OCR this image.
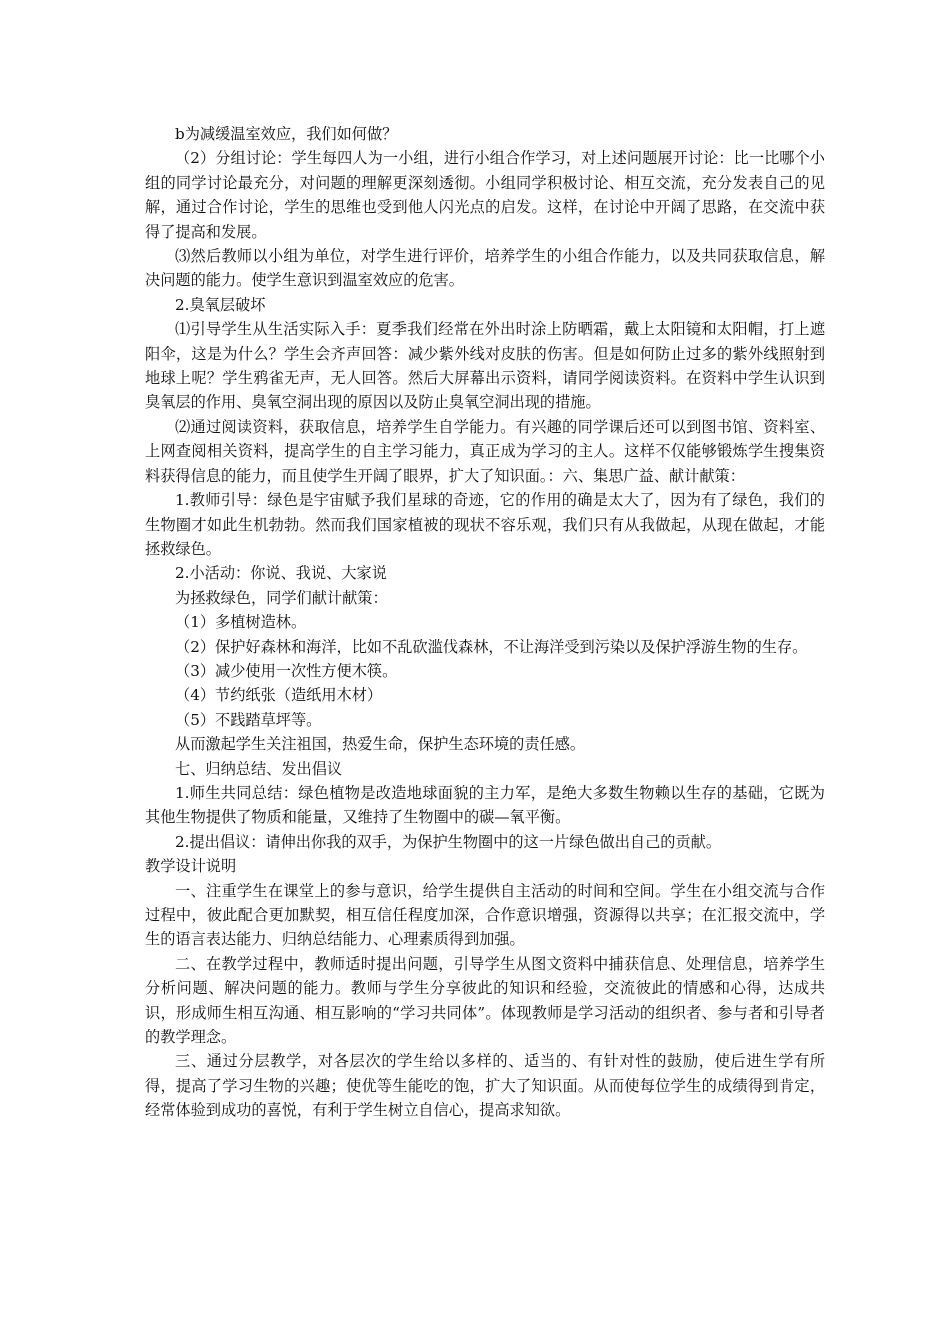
b为减缓温室效应，我们如何做？

（2）分组讨论：学生每四人为一小组，进行小组合作学习，对上述问题展开讨论：比一比哪个小组的同学讨论最充分，对问题的理解更深刻透彻。小组同学积极讨论、相互交流，充分发表自己的见解，通过合作讨论，学生的思维也受到他人闪光点的启发。这样，在讨论中开阔了思路，在交流中获得了提高和发展。

⑶然后教师以小组为单位，对学生进行评价，培养学生的小组合作能力，以及共同获取信息，解决问题的能力。使学生意识到温室效应的危害。

2.臭氧层破坏

⑴引导学生从生活实际入手：夏季我们经常在外出时涂上防晒霜，戴上太阳镜和太阳帽，打上遮阳伞，这是为什么？学生会齐声回答：减少紫外线对皮肤的伤害。但是如何防止过多的紫外线照射到地球上呢？学生鸦雀无声，无人回答。然后大屏幕出示资料，请同学阅读资料。在资料中学生认识到臭氧层的作用、臭氧空洞出现的原因以及防止臭氧空洞出现的措施。

⑵通过阅读资料，获取信息，培养学生自学能力。有兴趣的同学课后还可以到图书馆、资料室、上网查阅相关资料，提高学生的自主学习能力，真正成为学习的主人。这样不仅能够锻炼学生搜集资料获得信息的能力，而且使学生开阔了眼界，扩大了知识面。：六、集思广益、献计献策：

1.教师引导：绿色是宇宙赋予我们星球的奇迹，它的作用的确是太大了，因为有了绿色，我们的生物圈才如此生机勃勃。然而我们国家植被的现状不容乐观，我们只有从我做起，从现在做起，才能拯救绿色。

2.小活动：你说、我说、大家说

为拯救绿色，同学们献计献策：

（1）多植树造林。

（2）保护好森林和海洋，比如不乱砍滥伐森林，不让海洋受到污染以及保护浮游生物的生存。

（3）减少使用一次性方便木筷。

（4）节约纸张（造纸用木材）

（5）不践踏草坪等。

从而激起学生关注祖国，热爱生命，保护生态环境的责任感。

七、归纳总结、发出倡议

1.师生共同总结：绿色植物是改造地球面貌的主力军，是绝大多数生物赖以生存的基础，它既为其他生物提供了物质和能量，又维持了生物圈中的碳—氧平衡。

2.提出倡议：请伸出你我的双手，为保护生物圈中的这一片绿色做出自己的贡献。

教学设计说明

一、注重学生在课堂上的参与意识，给学生提供自主活动的时间和空间。学生在小组交流与合作过程中，彼此配合更加默契，相互信任程度加深，合作意识增强，资源得以共享；在汇报交流中，学生的语言表达能力、归纳总结能力、心理素质得到加强。

二、在教学过程中，教师适时提出问题，引导学生从图文资料中捕获信息、处理信息，培养学生分析问题、解决问题的能力。教师与学生分享彼此的知识和经验，交流彼此的情感和心得，达成共识，形成师生相互沟通、相互影响的“学习共同体”。体现教师是学习活动的组织者、参与者和引导者的教学理念。

三、通过分层教学，对各层次的学生给以多样的、适当的、有针对性的鼓励，使后进生学有所得，提高了学习生物的兴趣；使优等生能吃的饱，扩大了知识面。从而使每位学生的成绩得到肯定，经常体验到成功的喜悦，有利于学生树立自信心，提高求知欲。
